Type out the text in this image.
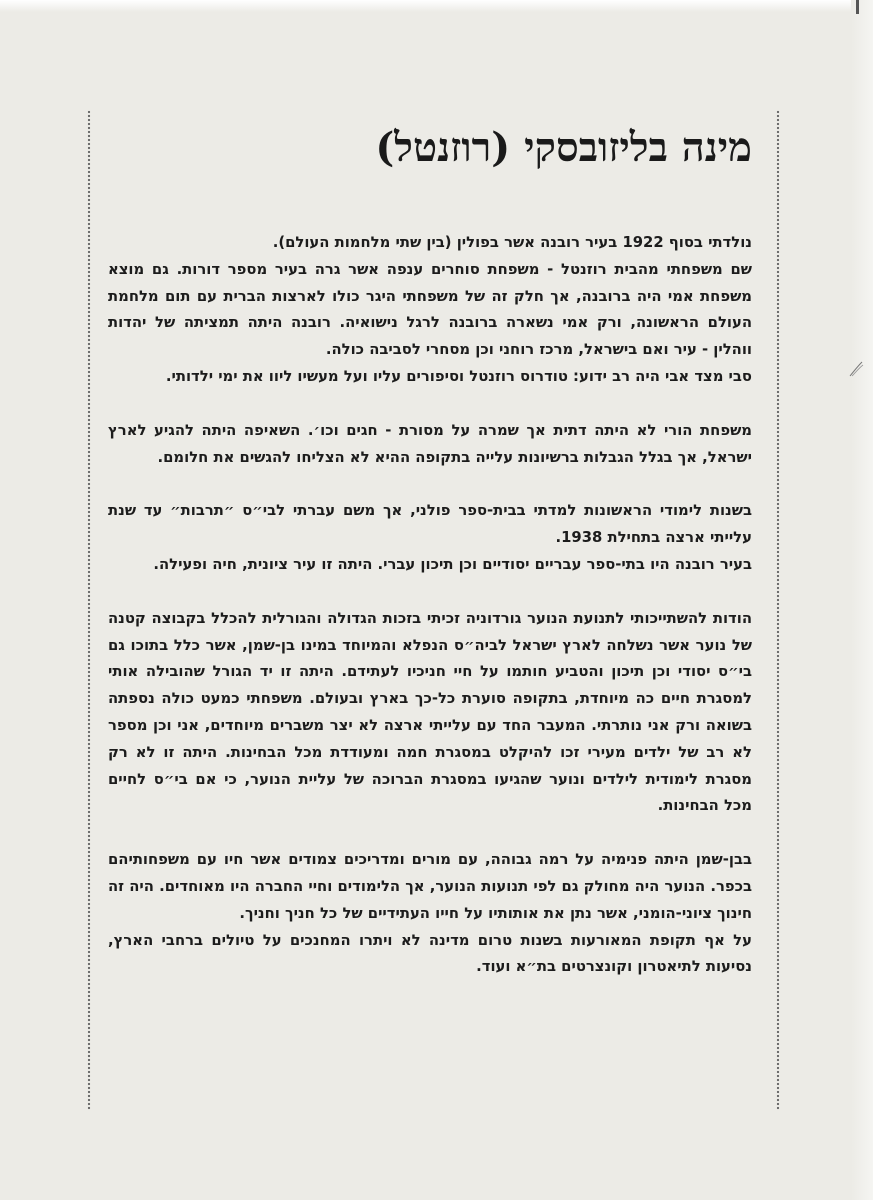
מינה בליזובסקי (רוזנטל)

נולדתי בסוף 1922 בעיר רובנה אשר בפולין (בין שתי מלחמות העולם).

שם משפחתי מהבית רוזנטל - משפחת סוחרים ענפה אשר גרה בעיר מספר דורות. גם מוצא משפחת אמי היה ברובנה, אך חלק זה של משפחתי היגר כולו לארצות הברית עם תום מלחמת העולם הראשונה, ורק אמי נשארה ברובנה לרגל נישואיה. רובנה היתה תמציתה של יהדות ווהלין - עיר ואם בישראל, מרכז רוחני וכן מסחרי לסביבה כולה.

סבי מצד אבי היה רב ידוע: טודרוס רוזנטל וסיפורים עליו ועל מעשיו ליוו את ימי ילדותי.

משפחת הורי לא היתה דתית אך שמרה על מסורת - חגים וכו׳. השאיפה היתה להגיע לארץ ישראל, אך בגלל הגבלות ברשיונות עלייה בתקופה ההיא לא הצליחו להגשים את חלומם.

בשנות לימודי הראשונות למדתי בבית-ספר פולני, אך משם עברתי לבי״ס ״תרבות״ עד שנת עלייתי ארצה בתחילת 1938.

בעיר רובנה היו בתי-ספר עבריים יסודיים וכן תיכון עברי. היתה זו עיר ציונית, חיה ופעילה.

הודות להשתייכותי לתנועת הנוער גורדוניה זכיתי בזכות הגדולה והגורלית להכלל בקבוצה קטנה של נוער אשר נשלחה לארץ ישראל לביה״ס הנפלא והמיוחד במינו בן-שמן, אשר כלל בתוכו גם בי״ס יסודי וכן תיכון והטביע חותמו על חיי חניכיו לעתידם. היתה זו יד הגורל שהובילה אותי למסגרת חיים כה מיוחדת, בתקופה סוערת כל-כך בארץ ובעולם. משפחתי כמעט כולה נספתה בשואה ורק אני נותרתי. המעבר החד עם עלייתי ארצה לא יצר משברים מיוחדים, אני וכן מספר לא רב של ילדים מעירי זכו להיקלט במסגרת חמה ומעודדת מכל הבחינות. היתה זו לא רק מסגרת לימודית לילדים ונוער שהגיעו במסגרת הברוכה של עליית הנוער, כי אם בי״ס לחיים מכל הבחינות.

בבן-שמן היתה פנימיה על רמה גבוהה, עם מורים ומדריכים צמודים אשר חיו עם משפחותיהם בכפר. הנוער היה מחולק גם לפי תנועות הנוער, אך הלימודים וחיי החברה היו מאוחדים. היה זה חינוך ציוני-הומני, אשר נתן את אותותיו על חייו העתידיים של כל חניך וחניך.

על אף תקופת המאורעות בשנות טרום מדינה לא ויתרו המחנכים על טיולים ברחבי הארץ, נסיעות לתיאטרון וקונצרטים בת״א ועוד.
